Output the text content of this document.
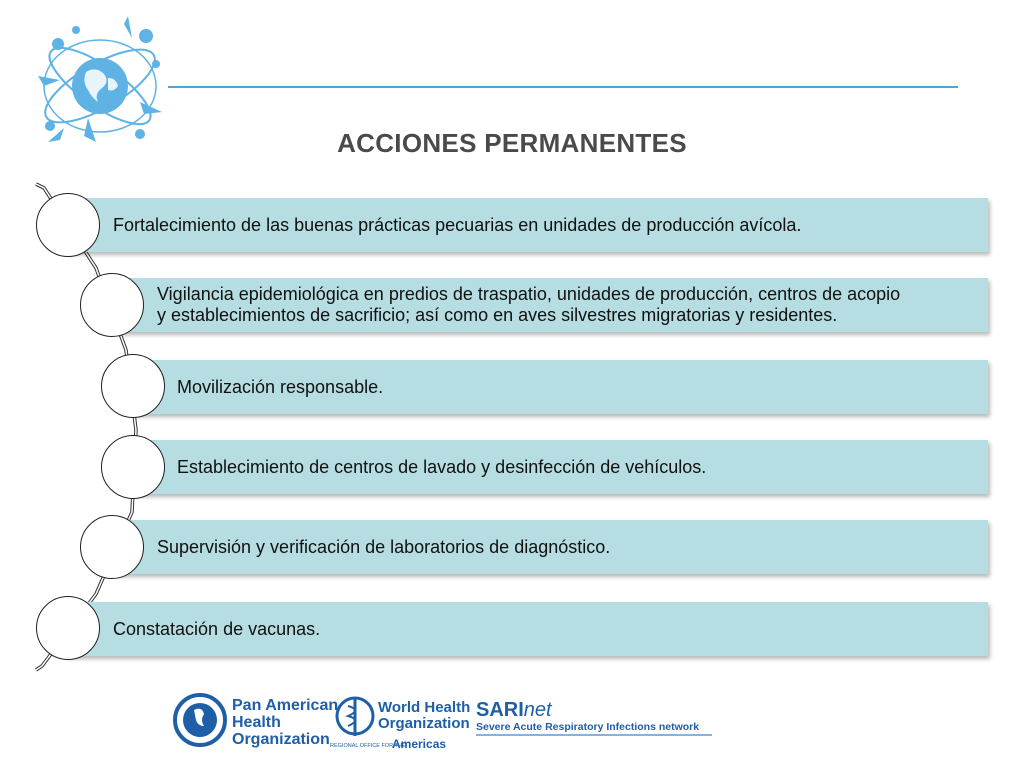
ACCIONES PERMANENTES
Fortalecimiento de las buenas prácticas pecuarias en unidades de producción avícola.
Vigilancia epidemiológica en predios de traspatio, unidades de producción, centros de acopio
y establecimientos de sacrificio; así como en aves silvestres migratorias y residentes.
Movilización responsable.
Establecimiento de centros de lavado y desinfección de vehículos.
Supervisión y verificación de laboratorios de diagnóstico.
Constatación de vacunas.
Pan American
Health
Organization
World Health
Organization
REGIONAL OFFICE FOR THE
Americas
SARInet
Severe Acute Respiratory Infections network
